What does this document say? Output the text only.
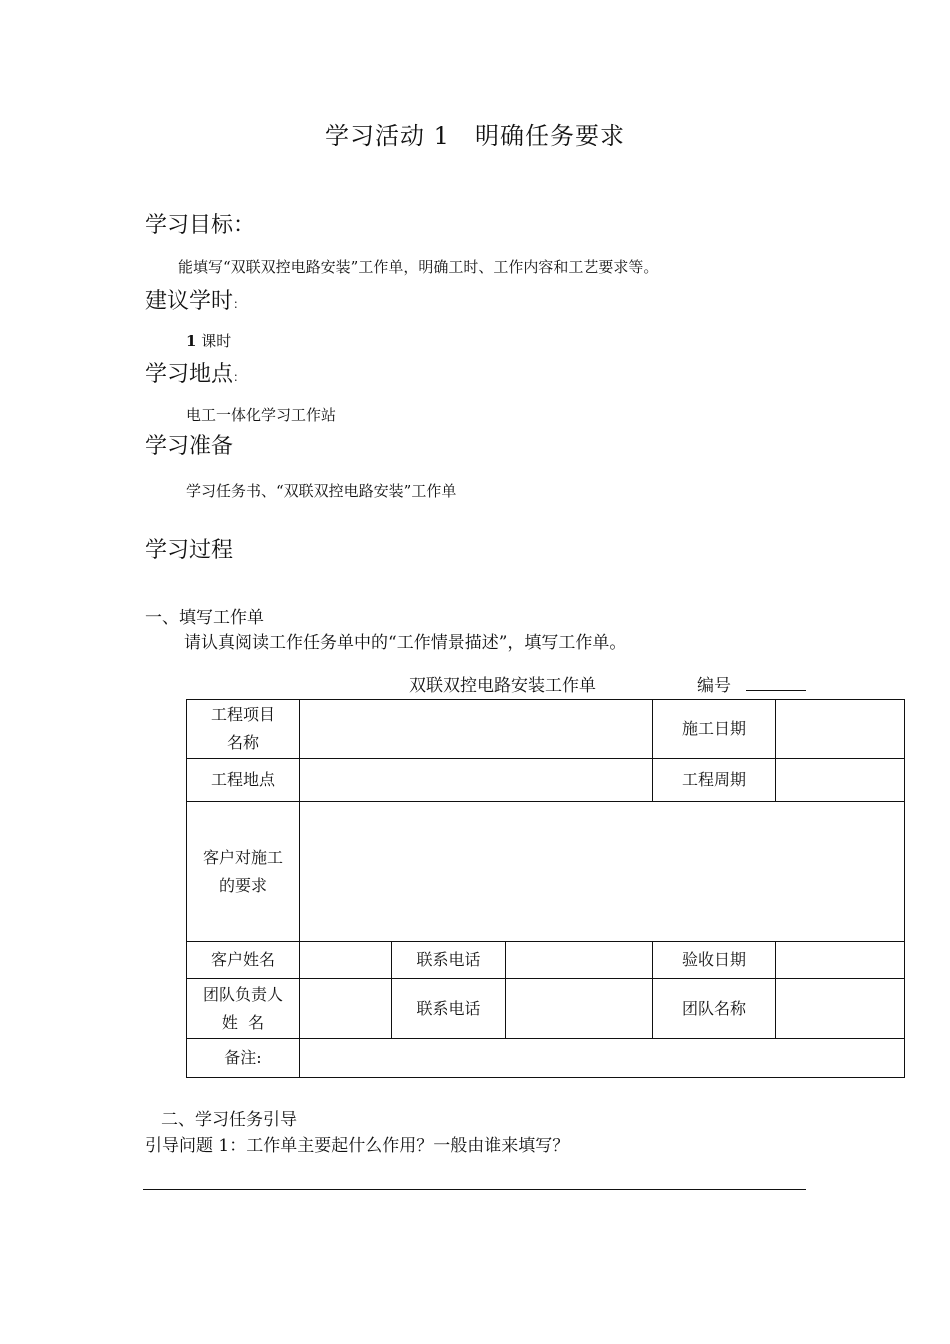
学习活动 1　明确任务要求
学习目标：
能填写“双联双控电路安装”工作单，明确工时、工作内容和工艺要求等。
建议学时：
1 课时
学习地点：
电工一体化学习工作站
学习准备
学习任务书、“双联双控电路安装”工作单
学习过程
一、填写工作单
请认真阅读工作任务单中的“工作情景描述”，填写工作单。
双联双控电路安装工作单	编号
工程项目
名称				施工日期	
工程地点				工程周期	
客户对施工
的要求					
客户姓名		联系电话		验收日期	
团队负责人
姓  名		联系电话		团队名称	
备注:					
二、学习任务引导
引导问题 1：工作单主要起什么作用？一般由谁来填写？
